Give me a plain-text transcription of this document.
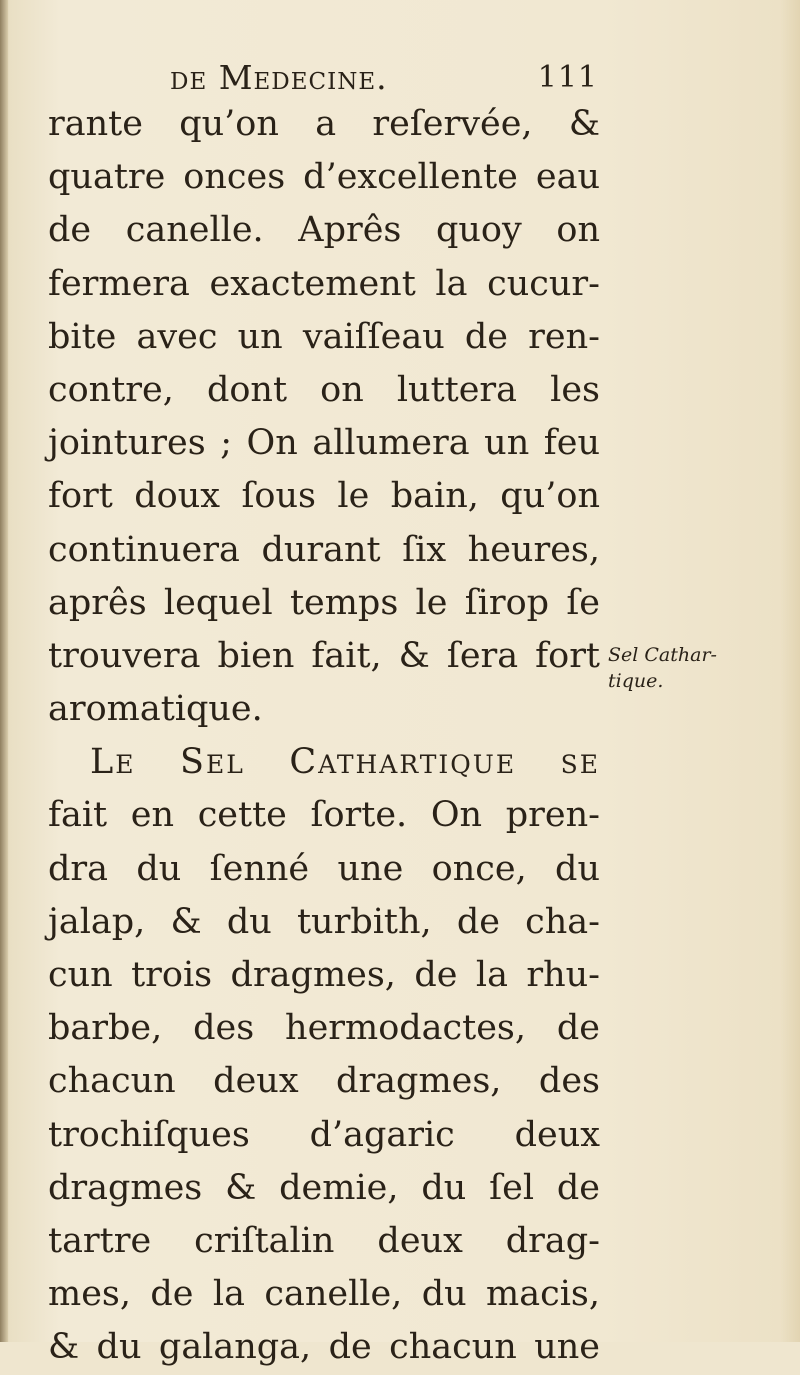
de Medecine.	111
rante qu’on a reſervée, &
quatre onces d’excellente eau
de canelle. Aprês quoy on
fermera exactement la cucur-
bite avec un vaiſſeau de ren-
contre, dont on luttera les
jointures ; On allumera un feu
fort doux ſous le bain, qu’on
continuera durant ſix heures,
aprês lequel temps le ſirop ſe
trouvera bien fait, & ſera fort
aromatique.
Le Sel Cathartique ſe
fait en cette ſorte. On pren-
dra du ſenné une once, du
jalap, & du turbith, de cha-
cun trois dragmes, de la rhu-
barbe, des hermodactes, de
chacun deux dragmes, des
trochiſques d’agaric deux
dragmes & demie, du ſel de
tartre criſtalin deux drag-
mes, de la canelle, du macis,
& du galanga, de chacun une
Sel Cathar-
tique.
